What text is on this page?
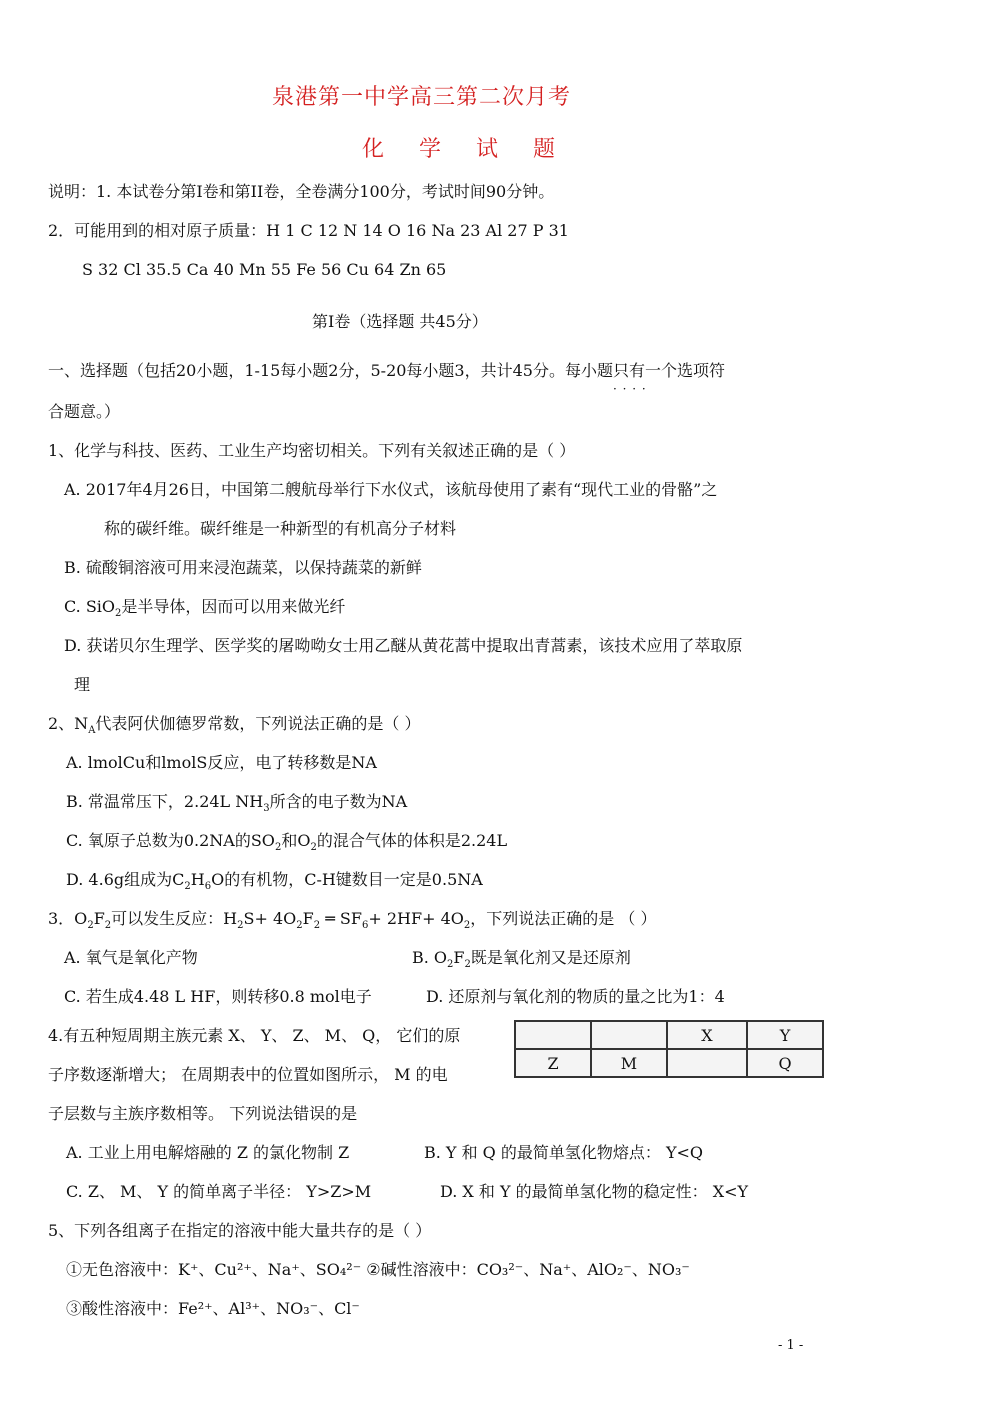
泉港第一中学高三第二次月考
化 学 试 题
说明：1. 本试卷分第Ⅰ卷和第ⅠI卷，全卷满分100分，考试时间90分钟。
2．可能用到的相对原子质量：H 1 C 12 N 14 O 16 Na 23 Al 27 P 31
S 32 Cl 35.5 Ca 40 Mn 55 Fe 56 Cu 64 Zn 65
第Ⅰ卷（选择题 共45分）
一、选择题（包括20小题，1-15每小题2分，5-20每小题3，共计45分。每小题只有一个 · · 选项符
合题意。）
1、化学与科技、医药、工业生产均密切相关。下列有关叙述正确的是（ ）
A. 2017年4月26日，中国第二艘航母举行下水仪式，该航母使用了素有“现代工业的骨骼”之
称的碳纤维。碳纤维是一种新型的有机高分子材料
B. 硫酸铜溶液可用来浸泡蔬菜，以保持蔬菜的新鲜
C. SiO$_2$是半导体，因而可以用来做光纤
D. 获诺贝尔生理学、医学奖的屠呦呦女士用乙醚从黄花蒿中提取出青蒿素，该技术应用了萃取原
理
2、$N_A$代表阿伏伽德罗常数，下列说法正确的是（ ）
A. lmolCu和lmolS反应，电了转移数是NA
B. 常温常压下，2.24L $NH_3$所含的电子数为NA
C. 氧原子总数为0.2NA的$SO_2$和$O_2$的混合气体的体积是2.24L
D. 4.6g组成为$C_2H_6O$的有机物，C-H键数目一定是0.5NA
3．$O_2F_2$可以发生反应：$H_2S+ 4O_2F_2$ ═ $SF_6+ 2HF+ 4O_2$，下列说法正确的是 （ ）
A. 氧气是氧化产物	B. $O_2F_2$既是氧化剂又是还原剂
C. 若生成4.48 L HF，则转移0.8 mol电子	D. 还原剂与氧化剂的物质的量之比为1：4
4.有五种短周期主族元素 X、 Y、 Z、 M、 Q， 它们的原
子序数逐渐增大； 在周期表中的位置如图所示， M 的电
子层数与主族序数相等。 下列说法错误的是
		X	Y
Z	M		Q
A. 工业上用电解熔融的 Z 的氯化物制 Z	B. Y 和 Q 的最简单氢化物熔点： Y<Q
C. Z、 M、 Y 的简单离子半径： Y>Z>M	D. X 和 Y 的最简单氢化物的稳定性： X<Y
5、下列各组离子在指定的溶液中能大量共存的是（ ）
①无色溶液中：K⁺、Cu²⁺、Na⁺、SO₄²⁻ ②碱性溶液中：CO₃²⁻、Na⁺、AlO₂⁻、NO₃⁻
③酸性溶液中：Fe²⁺、Al³⁺、NO₃⁻、Cl⁻
- 1 -
